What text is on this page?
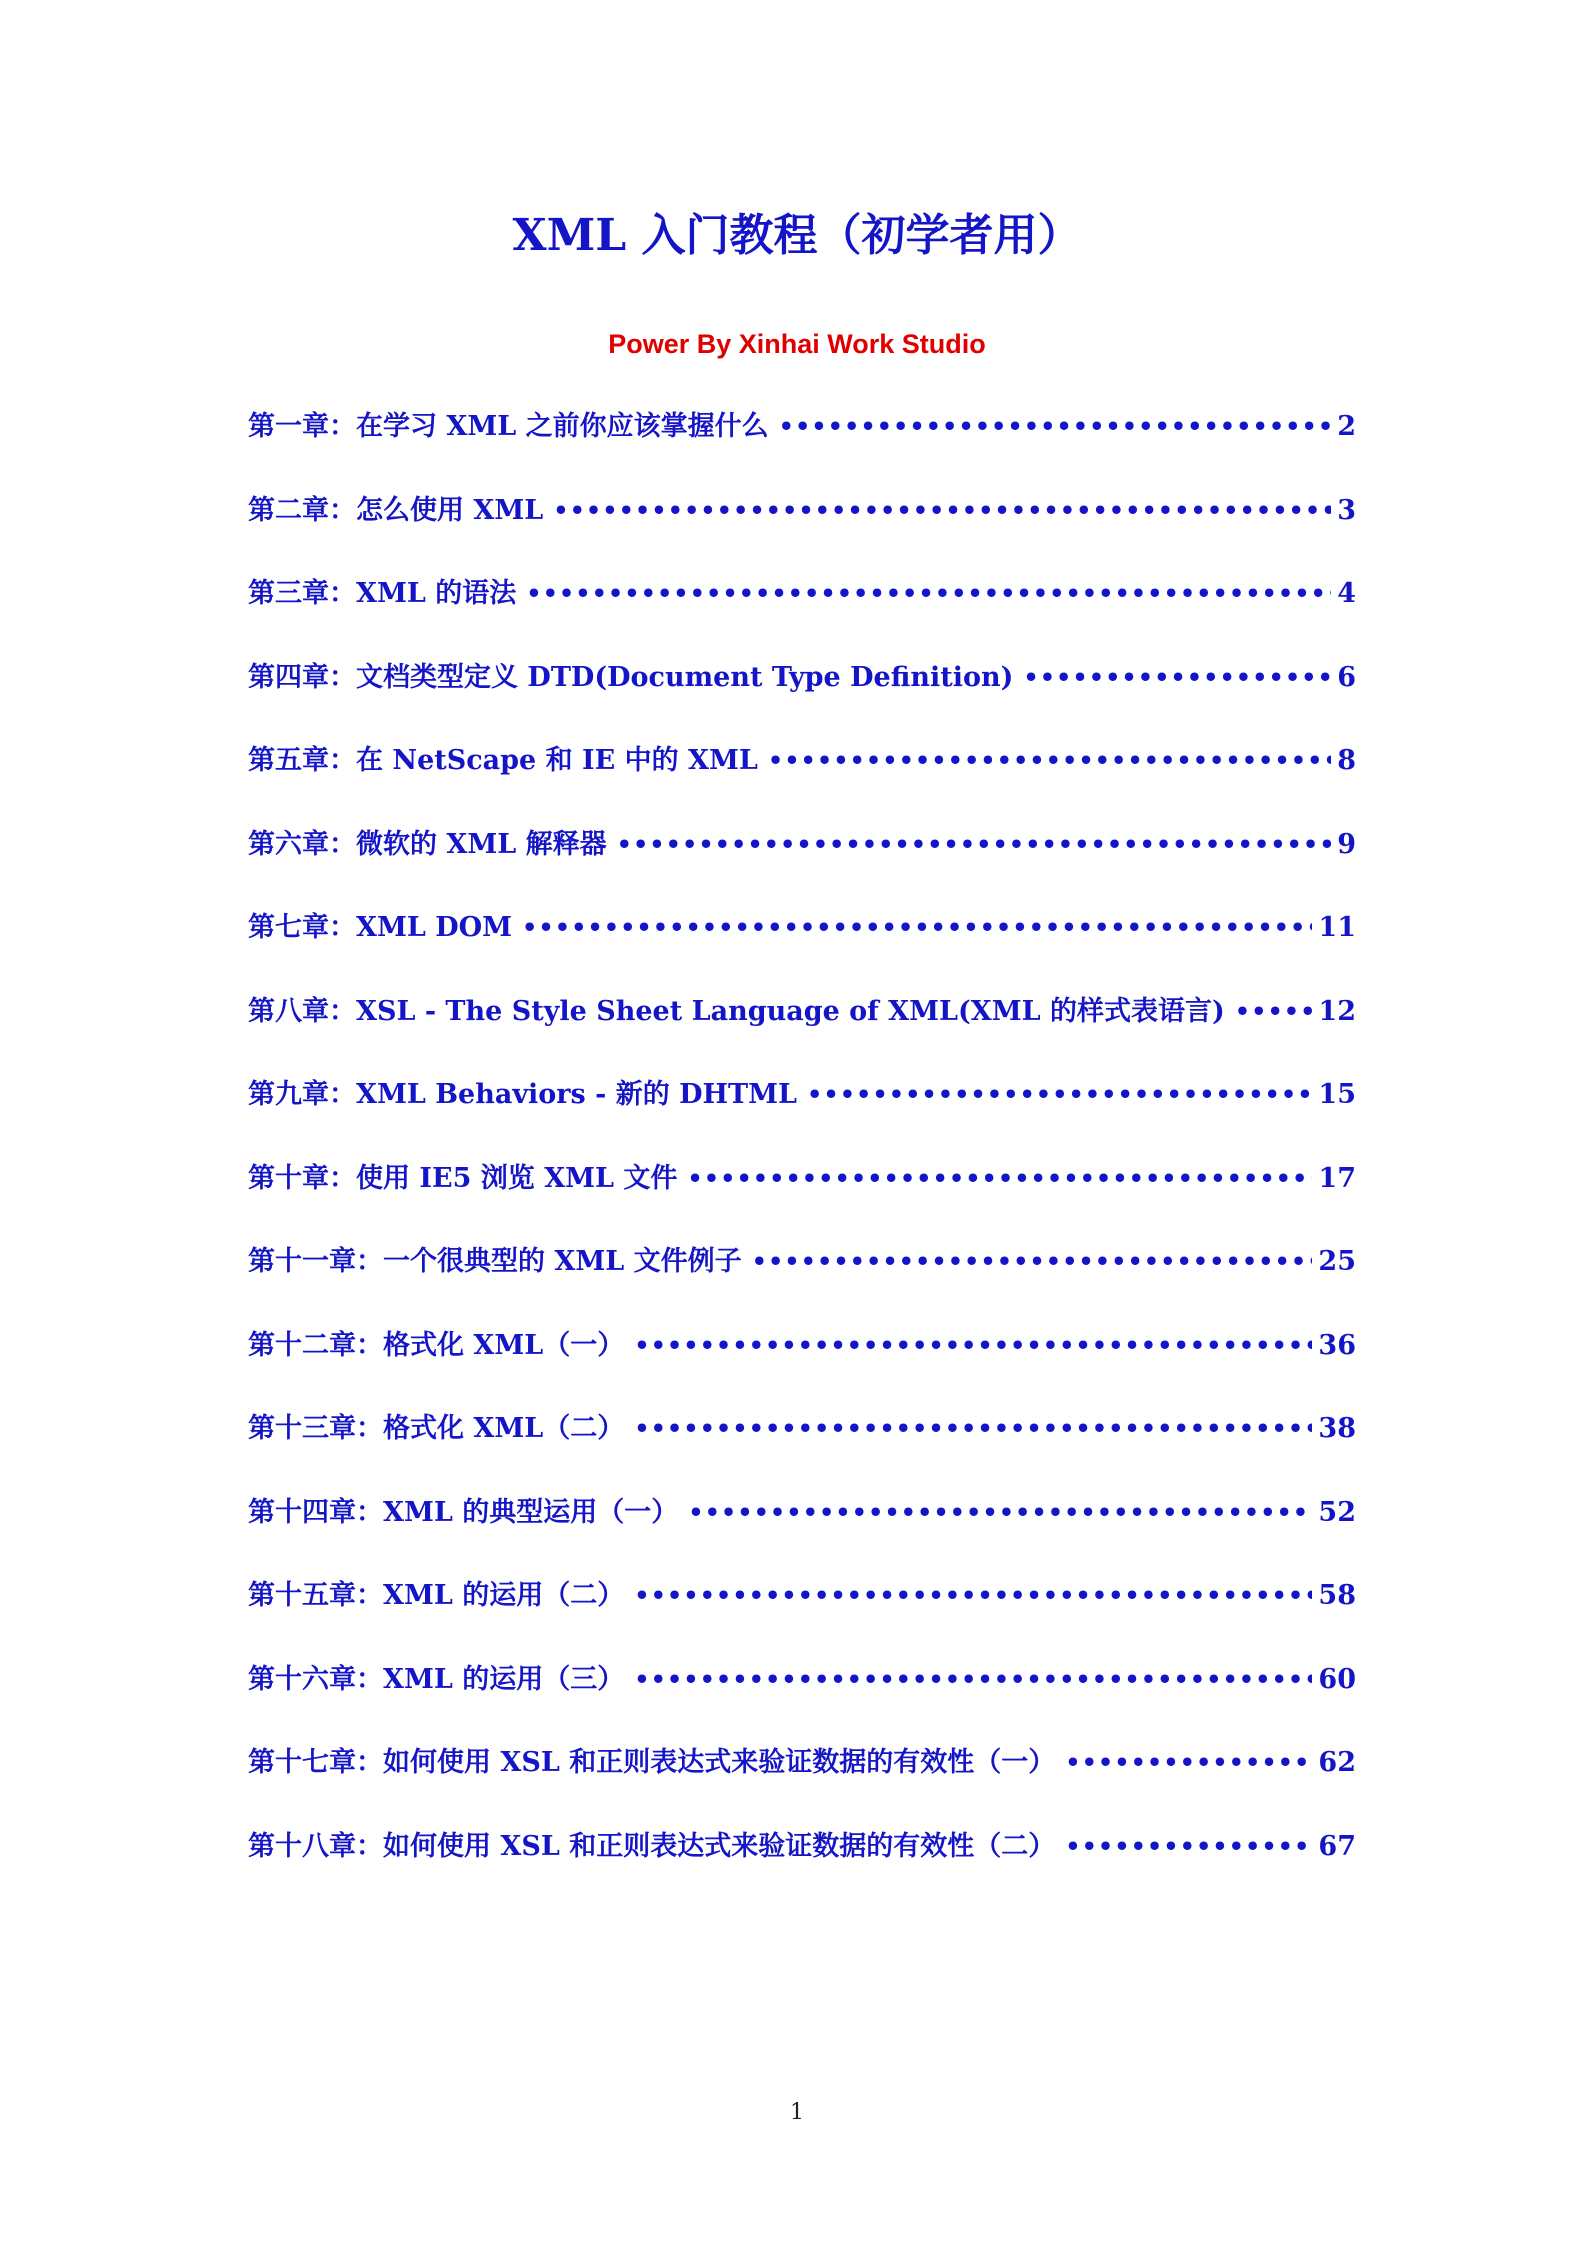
XML 入门教程（初学者用）

Power By Xinhai Work Studio

第一章：在学习 XML 之前你应该掌握什么 •••••	2
第二章：怎么使用 XML •••••	3
第三章：XML 的语法 •••••	4
第四章：文档类型定义 DTD(Document Type Definition) •••••	6
第五章：在 NetScape 和 IE 中的 XML •••••	8
第六章：微软的 XML 解释器 •••••	9
第七章：XML DOM •••••	11
第八章：XSL - The Style Sheet Language of XML(XML 的样式表语言) •••••	12
第九章：XML Behaviors - 新的 DHTML •••••	15
第十章：使用 IE5 浏览 XML 文件 •••••	17
第十一章：一个很典型的 XML 文件例子 •••••	25
第十二章：格式化 XML（一） •••••	36
第十三章：格式化 XML（二） •••••	38
第十四章：XML 的典型运用（一） •••••	52
第十五章：XML 的运用（二） •••••	58
第十六章：XML 的运用（三） •••••	60
第十七章：如何使用 XSL 和正则表达式来验证数据的有效性（一） •••••	62
第十八章：如何使用 XSL 和正则表达式来验证数据的有效性（二） •••••	67
1
